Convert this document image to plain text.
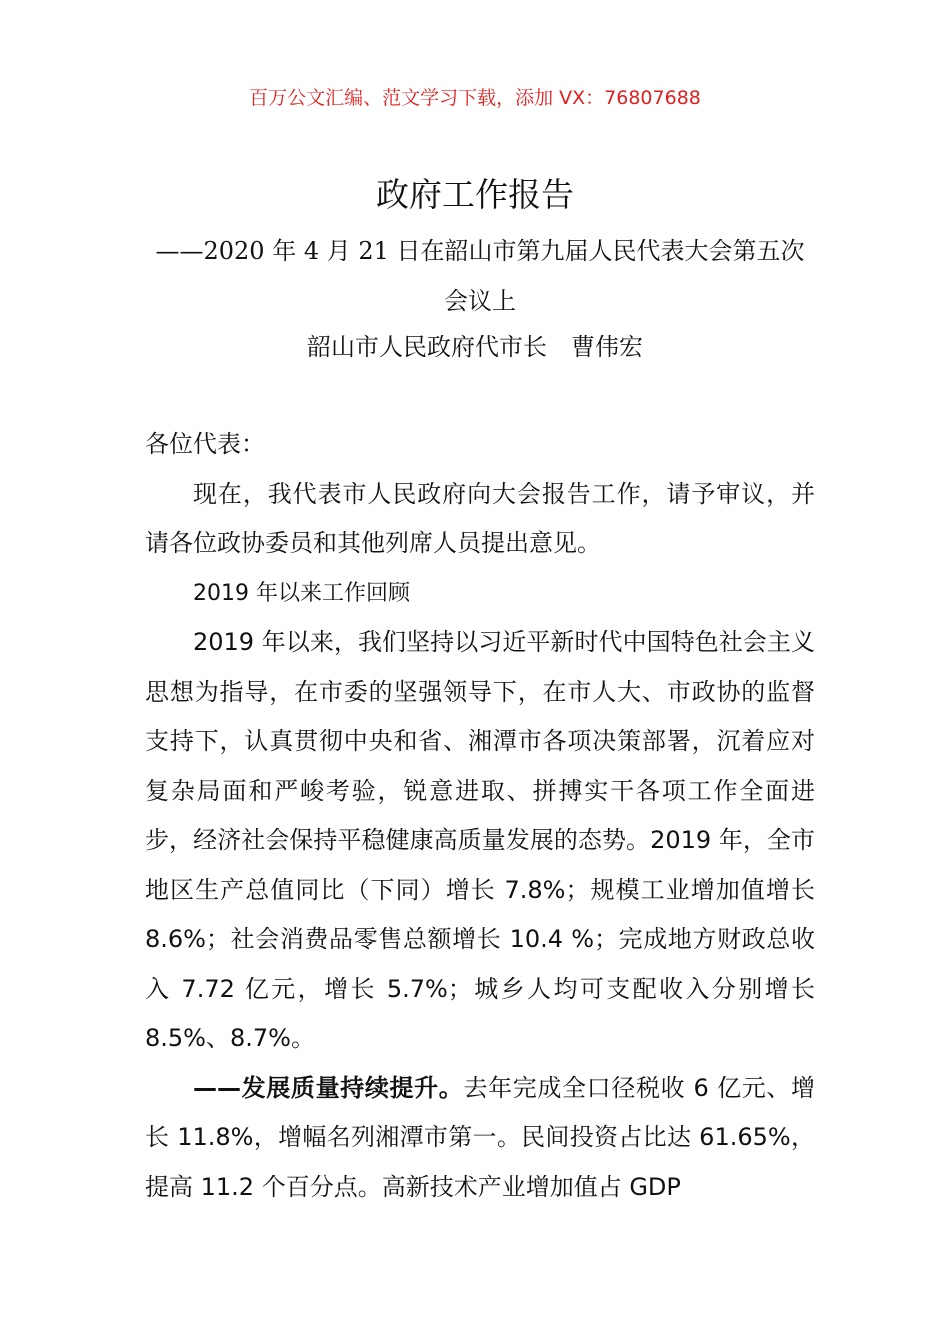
百万公文汇编、范文学习下载，添加 VX：76807688
政府工作报告
——2020 年 4 月 21 日在韶山市第九届人民代表大会第五次会议上
韶山市人民政府代市长　曹伟宏

各位代表：

现在，我代表市人民政府向大会报告工作，请予审议，并请各位政协委员和其他列席人员提出意见。

2019 年以来工作回顾

2019 年以来，我们坚持以习近平新时代中国特色社会主义思想为指导，在市委的坚强领导下，在市人大、市政协的监督支持下，认真贯彻中央和省、湘潭市各项决策部署，沉着应对复杂局面和严峻考验，锐意进取、拼搏实干各项工作全面进步，经济社会保持平稳健康高质量发展的态势。2019 年，全市地区生产总值同比（下同）增长 7.8%；规模工业增加值增长 8.6%；社会消费品零售总额增长 10.4 %；完成地方财政总收入 7.72 亿元，增长 5.7%；城乡人均可支配收入分别增长 8.5%、8.7%。

——发展质量持续提升。去年完成全口径税收 6 亿元、增长 11.8%，增幅名列湘潭市第一。民间投资占比达 61.65%，提高 11.2 个百分点。高新技术产业增加值占 GDP
